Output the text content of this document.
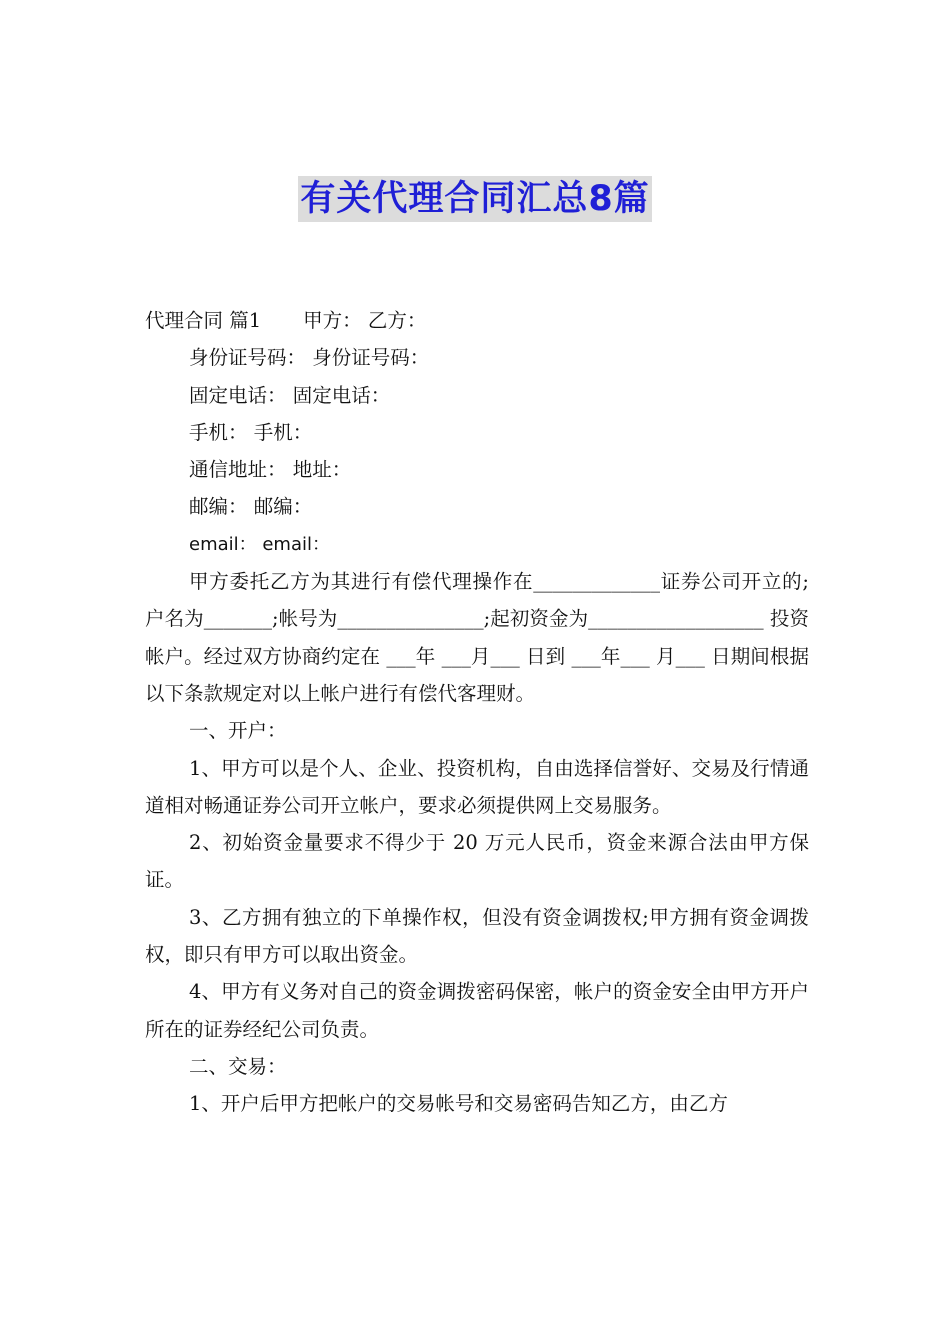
有关代理合同汇总8篇

代理合同 篇1 甲方： 乙方：

身份证号码： 身份证号码：

固定电话： 固定电话：

手机： 手机：

通信地址： 地址：

邮编： 邮编：

email： email：

甲方委托乙方为其进行有偿代理操作在_____________证券公司开立的;户名为_______;帐号为_______________;起初资金为__________________ 投资帐户。经过双方协商约定在 ___年 ___月___ 日到 ___年___ 月___ 日期间根据以下条款规定对以上帐户进行有偿代客理财。

一、开户：

1、甲方可以是个人、企业、投资机构，自由选择信誉好、交易及行情通道相对畅通证券公司开立帐户，要求必须提供网上交易服务。

2、初始资金量要求不得少于 20 万元人民币，资金来源合法由甲方保证。

3、乙方拥有独立的下单操作权，但没有资金调拨权;甲方拥有资金调拨权，即只有甲方可以取出资金。

4、甲方有义务对自己的资金调拨密码保密，帐户的资金安全由甲方开户所在的证券经纪公司负责。

二、交易：

1、开户后甲方把帐户的交易帐号和交易密码告知乙方，由乙方
